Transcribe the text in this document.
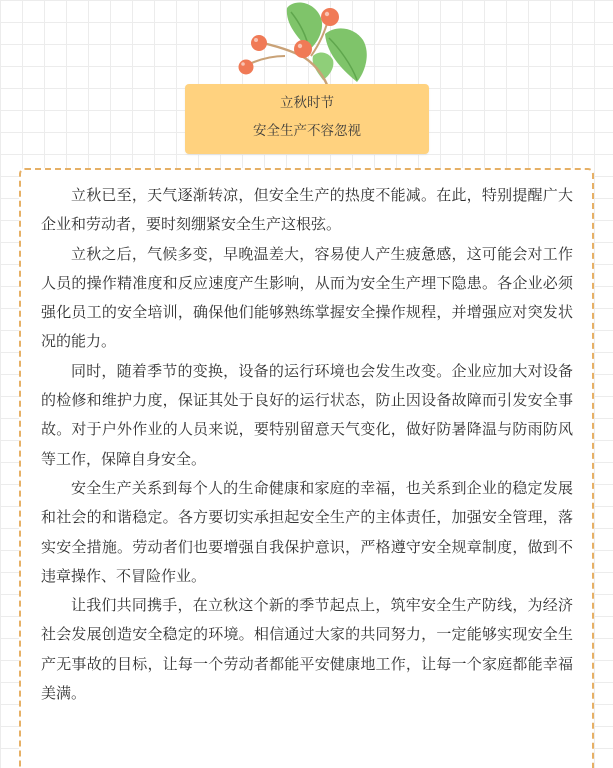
立秋时节
安全生产不容忽视

立秋已至，天气逐渐转凉，但安全生产的热度不能减。在此，特别提醒广大企业和劳动者，要时刻绷紧安全生产这根弦。

立秋之后，气候多变，早晚温差大，容易使人产生疲惫感，这可能会对工作人员的操作精准度和反应速度产生影响，从而为安全生产埋下隐患。各企业必须强化员工的安全培训，确保他们能够熟练掌握安全操作规程，并增强应对突发状况的能力。

同时，随着季节的变换，设备的运行环境也会发生改变。企业应加大对设备的检修和维护力度，保证其处于良好的运行状态，防止因设备故障而引发安全事故。对于户外作业的人员来说，要特别留意天气变化，做好防暑降温与防雨防风等工作，保障自身安全。

安全生产关系到每个人的生命健康和家庭的幸福，也关系到企业的稳定发展和社会的和谐稳定。各方要切实承担起安全生产的主体责任，加强安全管理，落实安全措施。劳动者们也要增强自我保护意识，严格遵守安全规章制度，做到不违章操作、不冒险作业。

让我们共同携手，在立秋这个新的季节起点上，筑牢安全生产防线，为经济社会发展创造安全稳定的环境。相信通过大家的共同努力，一定能够实现安全生产无事故的目标，让每一个劳动者都能平安健康地工作，让每一个家庭都能幸福美满。
